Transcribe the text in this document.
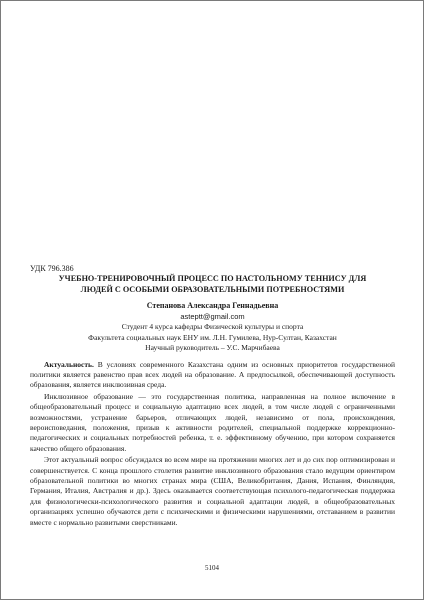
УДК 796.386

УЧЕБНО-ТРЕНИРОВОЧНЫЙ ПРОЦЕСС ПО НАСТОЛЬНОМУ ТЕННИСУ ДЛЯ

ЛЮДЕЙ С ОСОБЫМИ ОБРАЗОВАТЕЛЬНЫМИ ПОТРЕБНОСТЯМИ

Степанова Александра Геннадьевна

asteptt@gmail.com

Студент 4 курса кафедры Физической культуры и спорта

Факультета социальных наук ЕНУ им. Л.Н. Гумилева, Нур-Султан, Казахстан

Научный руководитель – У.С. Марчибаева

Актуальность. В условиях современного Казахстана одним из основных приоритетов государственной политики является равенство прав всех людей на образование. А предпосылкой, обеспечивающей доступность образования, является инклюзивная среда.

Инклюзивное образование — это государственная политика, направленная на полное включение в общеобразовательный процесс и социальную адаптацию всех людей, в том числе людей с ограниченными возможностями, устранение барьеров, отличающих людей, независимо от пола, происхождения, вероисповедания, положения, призыв к активности родителей, специальной поддержке коррекционно-педагогических и социальных потребностей ребенка, т. е. эффективному обучению, при котором сохраняется качество общего образования.

Этот актуальный вопрос обсуждался во всем мире на протяжении многих лет и до сих пор оптимизирован и совершенствуется. С конца прошлого столетия развитие инклюзивного образования стало ведущим ориентиром образовательной политики во многих странах мира (США, Великобритания, Дания, Испания, Финляндия, Германия, Италия, Австралия и др.). Здесь оказывается соответствующая психолого-педагогическая поддержка для физиологически-психологического развития и социальной адаптации людей, в общеобразовательных организациях успешно обучаются дети с психическими и физическими нарушениями, отставанием в развитии вместе с нормально развитыми сверстниками.

5104
